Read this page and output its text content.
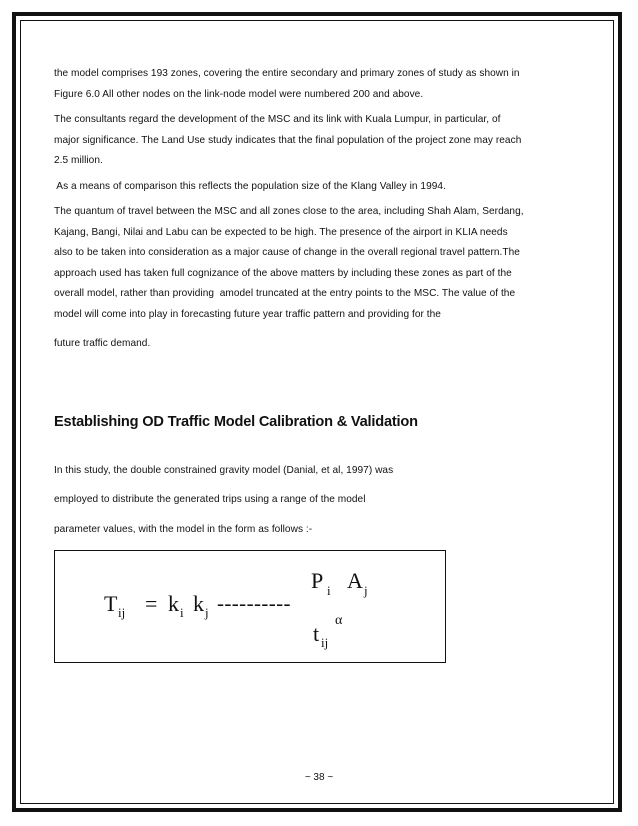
the model comprises 193 zones, covering the entire secondary and primary zones of study as shown in

Figure 6.0 All other nodes on the link-node model were numbered 200 and above.

The consultants regard the development of the MSC and its link with Kuala Lumpur, in particular, of

major significance. The Land Use study indicates that the final population of the project zone may reach

2.5 million.

As a means of comparison this reflects the population size of the Klang Valley in 1994.

The quantum of travel between the MSC and all zones close to the area, including Shah Alam, Serdang,

Kajang, Bangi, Nilai and Labu can be expected to be high. The presence of the airport in KLIA needs

also to be taken into consideration as a major cause of change in the overall regional travel pattern.The

approach used has taken full cognizance of the above matters by including these zones as part of the

overall model, rather than providing  amodel truncated at the entry points to the MSC. The value of the

model will come into play in forecasting future year traffic pattern and providing for the

future traffic demand.

Establishing OD Traffic Model Calibration & Validation

In this study, the double constrained gravity model (Danial, et al, 1997) was

employed to distribute the generated trips using a range of the model

parameter values, with the model in the form as follows :-

P i A j
T ij = k i k j ----------
t ij
α
~ 38 ~
